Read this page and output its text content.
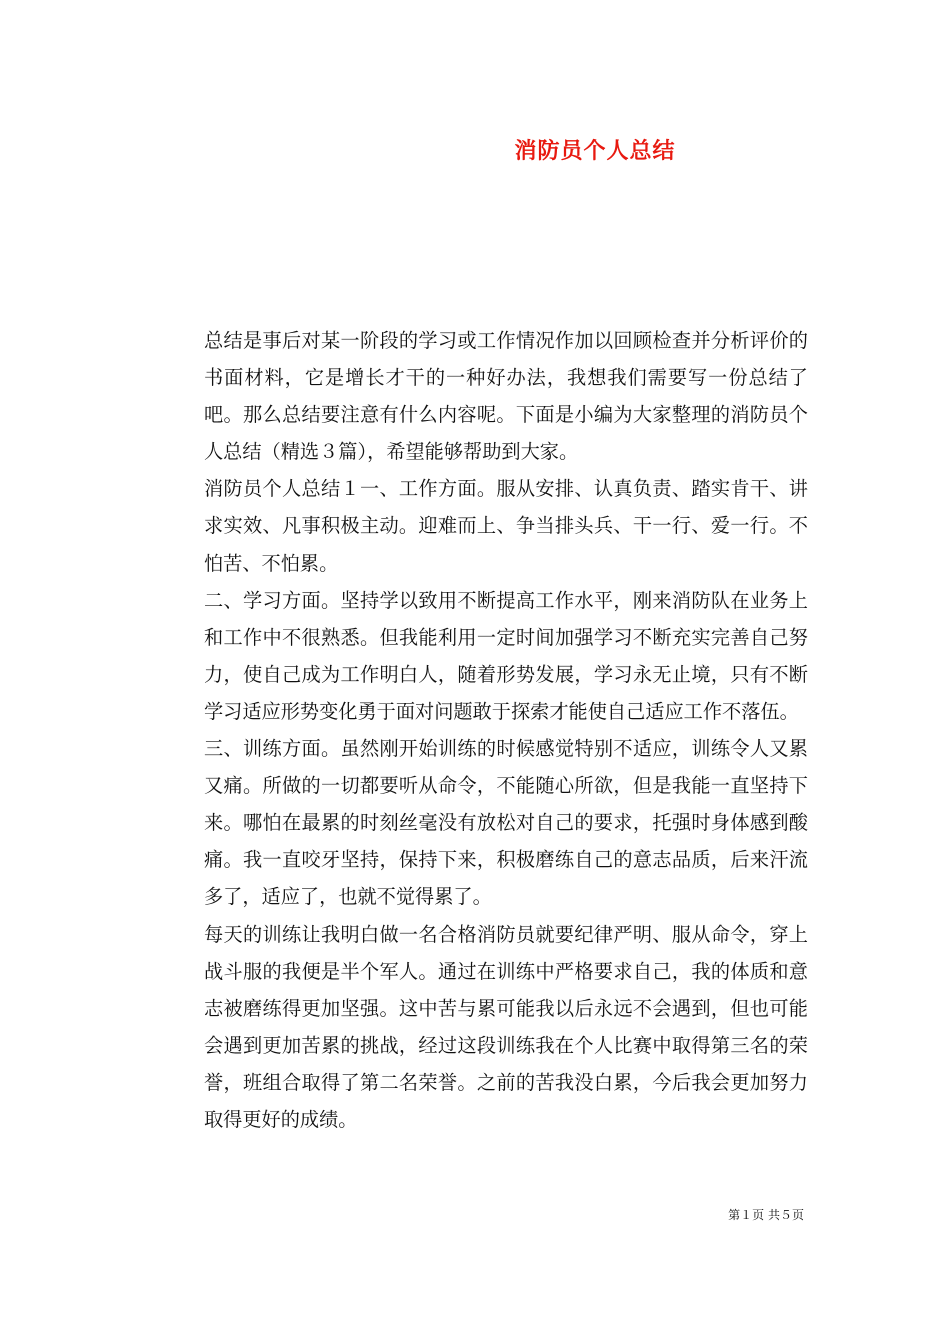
消防员个人总结

总结是事后对某一阶段的学习或工作情况作加以回顾检查并分析评价的书面材料，它是增长才干的一种好办法，我想我们需要写一份总结了吧。那么总结要注意有什么内容呢。下面是小编为大家整理的消防员个人总结（精选３篇），希望能够帮助到大家。

消防员个人总结１一、工作方面。服从安排、认真负责、踏实肯干、讲求实效、凡事积极主动。迎难而上、争当排头兵、干一行、爱一行。不怕苦、不怕累。

二、学习方面。坚持学以致用不断提高工作水平，刚来消防队在业务上和工作中不很熟悉。但我能利用一定时间加强学习不断充实完善自己努力，使自己成为工作明白人，随着形势发展，学习永无止境，只有不断学习适应形势变化勇于面对问题敢于探索才能使自己适应工作不落伍。

三、训练方面。虽然刚开始训练的时候感觉特别不适应，训练令人又累又痛。所做的一切都要听从命令，不能随心所欲，但是我能一直坚持下来。哪怕在最累的时刻丝毫没有放松对自己的要求，托强时身体感到酸痛。我一直咬牙坚持，保持下来，积极磨练自己的意志品质，后来汗流多了，适应了，也就不觉得累了。

每天的训练让我明白做一名合格消防员就要纪律严明、服从命令，穿上战斗服的我便是半个军人。通过在训练中严格要求自己，我的体质和意志被磨练得更加坚强。这中苦与累可能我以后永远不会遇到，但也可能会遇到更加苦累的挑战，经过这段训练我在个人比赛中取得第三名的荣誉，班组合取得了第二名荣誉。之前的苦我没白累，今后我会更加努力取得更好的成绩。

第１页 共５页
